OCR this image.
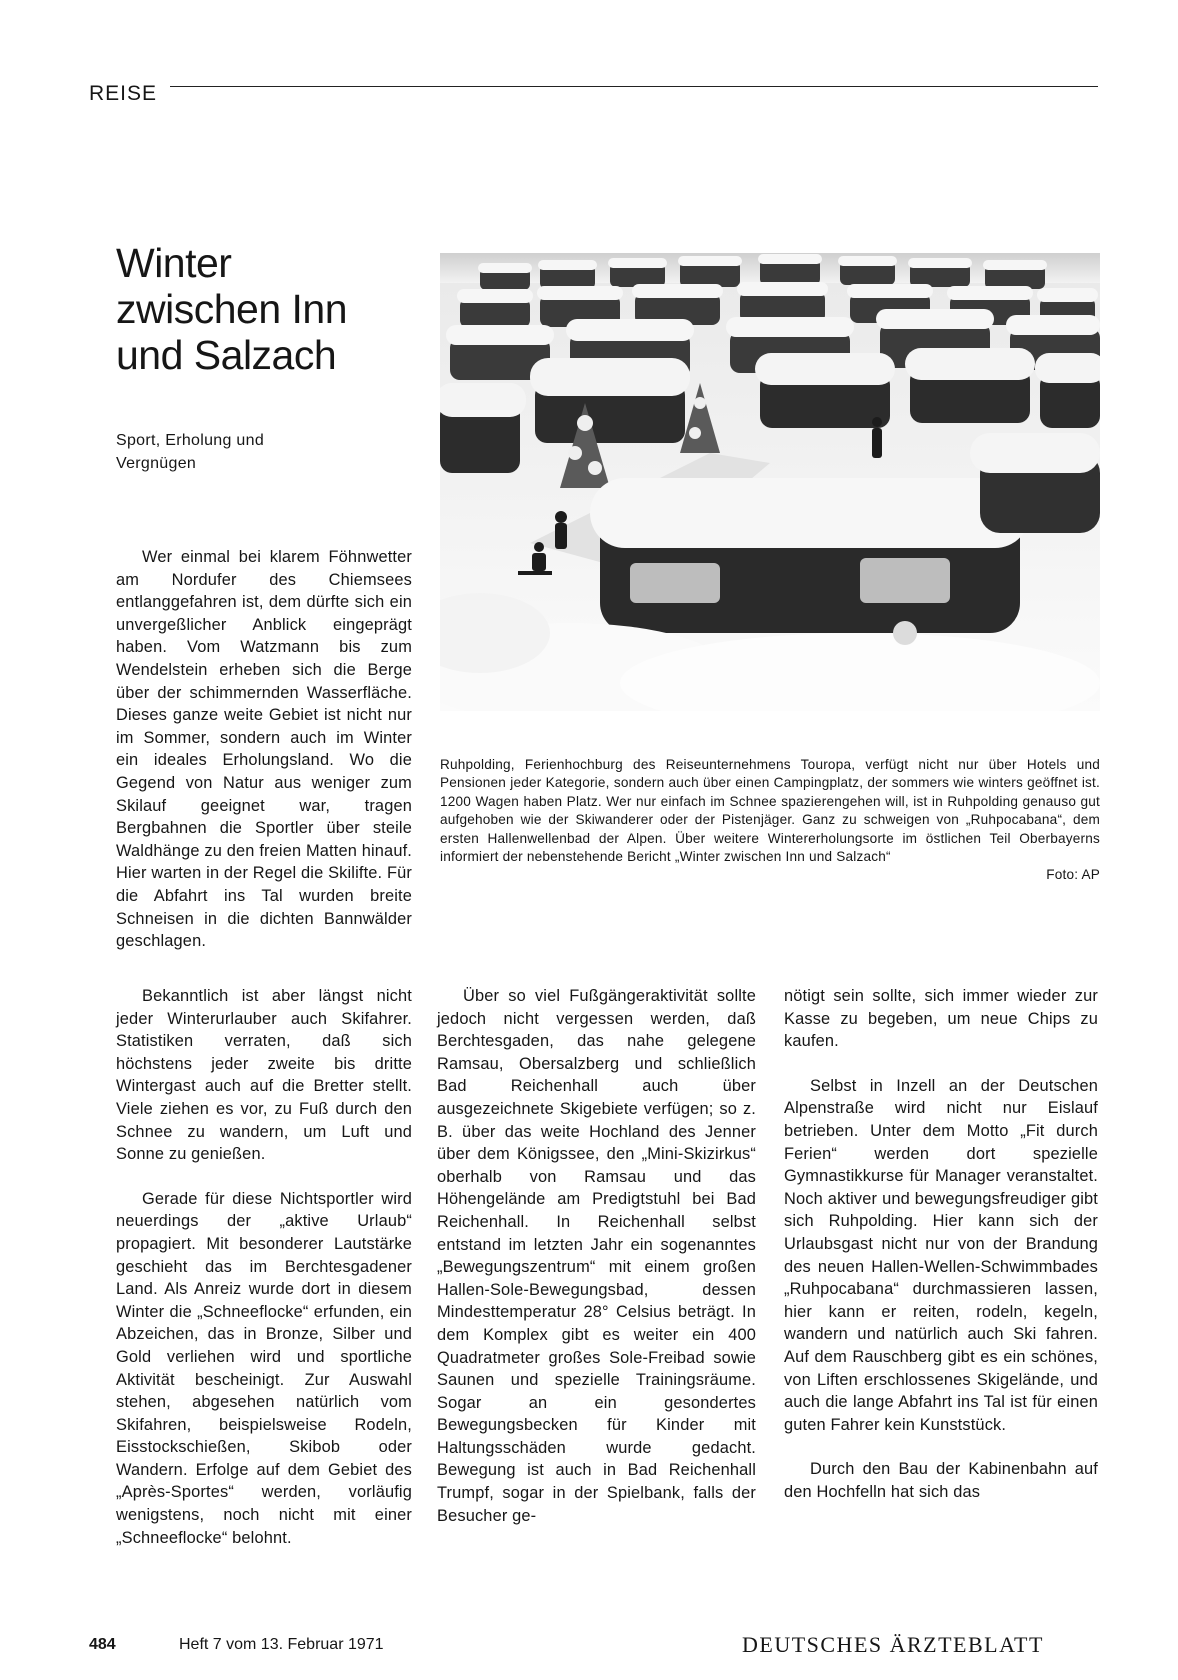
REISE
Winter
zwischen Inn
und Salzach
Sport, Erholung und
Vergnügen

Wer einmal bei klarem Föhnwetter am Nordufer des Chiemsees entlanggefahren ist, dem dürfte sich ein unvergeßlicher Anblick eingeprägt haben. Vom Watzmann bis zum Wendelstein erheben sich die Berge über der schimmernden Wasserfläche. Dieses ganze weite Gebiet ist nicht nur im Sommer, sondern auch im Winter ein ideales Erholungsland. Wo die Gegend von Natur aus weniger zum Skilauf geeignet war, tragen Bergbahnen die Sportler über steile Waldhänge zu den freien Matten hinauf. Hier warten in der Regel die Skilifte. Für die Abfahrt ins Tal wurden breite Schneisen in die dichten Bannwälder geschlagen.

Ruhpolding, Ferienhochburg des Reiseunternehmens Touropa, verfügt nicht nur über Hotels und Pensionen jeder Kategorie, sondern auch über einen Campingplatz, der sommers wie winters geöffnet ist. 1200 Wagen haben Platz. Wer nur einfach im Schnee spazierengehen will, ist in Ruhpolding genauso gut aufgehoben wie der Skiwanderer oder der Pistenjäger. Ganz zu schweigen von „Ruhpocabana“, dem ersten Hallenwellenbad der Alpen. Über weitere Wintererholungsorte im östlichen Teil Oberbayerns informiert der nebenstehende Bericht „Winter zwischen Inn und Salzach“
Foto: AP

Bekanntlich ist aber längst nicht jeder Winterurlauber auch Skifahrer. Statistiken verraten, daß sich höchstens jeder zweite bis dritte Wintergast auch auf die Bretter stellt. Viele ziehen es vor, zu Fuß durch den Schnee zu wandern, um Luft und Sonne zu genießen.

Gerade für diese Nichtsportler wird neuerdings der „aktive Urlaub“ propagiert. Mit besonderer Lautstärke geschieht das im Berchtesgadener Land. Als Anreiz wurde dort in diesem Winter die „Schneeflocke“ erfunden, ein Abzeichen, das in Bronze, Silber und Gold verliehen wird und sportliche Aktivität bescheinigt. Zur Auswahl stehen, abgesehen natürlich vom Skifahren, beispielsweise Rodeln, Eisstockschießen, Skibob oder Wandern. Erfolge auf dem Gebiet des „Après-Sportes“ werden, vorläufig wenigstens, noch nicht mit einer „Schneeflocke“ belohnt.

Über so viel Fußgängeraktivität sollte jedoch nicht vergessen werden, daß Berchtesgaden, das nahe gelegene Ramsau, Obersalzberg und schließlich Bad Reichenhall auch über ausgezeichnete Skigebiete verfügen; so z. B. über das weite Hochland des Jenner über dem Königssee, den „Mini-Skizirkus“ oberhalb von Ramsau und das Höhengelände am Predigtstuhl bei Bad Reichenhall. In Reichenhall selbst entstand im letzten Jahr ein sogenanntes „Bewegungszentrum“ mit einem großen Hallen-Sole-Bewegungsbad, dessen Mindesttemperatur 28° Celsius beträgt. In dem Komplex gibt es weiter ein 400 Quadratmeter großes Sole-Freibad sowie Saunen und spezielle Trainingsräume. Sogar an ein gesondertes Bewegungsbecken für Kinder mit Haltungsschäden wurde gedacht. Bewegung ist auch in Bad Reichenhall Trumpf, sogar in der Spielbank, falls der Besucher ge-

nötigt sein sollte, sich immer wieder zur Kasse zu begeben, um neue Chips zu kaufen.

Selbst in Inzell an der Deutschen Alpenstraße wird nicht nur Eislauf betrieben. Unter dem Motto „Fit durch Ferien“ werden dort spezielle Gymnastikkurse für Manager veranstaltet. Noch aktiver und bewegungsfreudiger gibt sich Ruhpolding. Hier kann sich der Urlaubsgast nicht nur von der Brandung des neuen Hallen-Wellen-Schwimmbades „Ruhpocabana“ durchmassieren lassen, hier kann er reiten, rodeln, kegeln, wandern und natürlich auch Ski fahren. Auf dem Rauschberg gibt es ein schönes, von Liften erschlossenes Skigelände, und auch die lange Abfahrt ins Tal ist für einen guten Fahrer kein Kunststück.

Durch den Bau der Kabinenbahn auf den Hochfelln hat sich das

484	Heft 7 vom 13. Februar 1971	DEUTSCHES ÄRZTEBLATT
